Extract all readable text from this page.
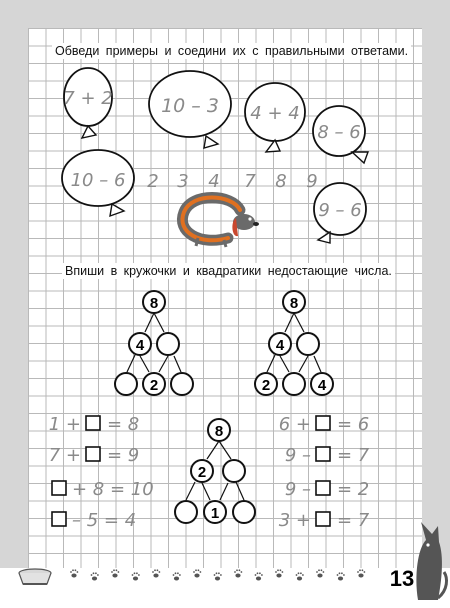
Обведи примеры и соедини их с правильными ответами.
Впиши в кружочки и квадратики недостающие числа.
7 + 2	10 – 3 4 + 4
8 – 6
10 – 6
9 – 6
2 3 4 7 8 9
8
4
2
8
4
2	4
8
2
1
1 + = 8
7 + = 9
+ 8 = 10
– 5 = 4
6 + = 6
9 – = 7
9 – = 2
3 + = 7
13
